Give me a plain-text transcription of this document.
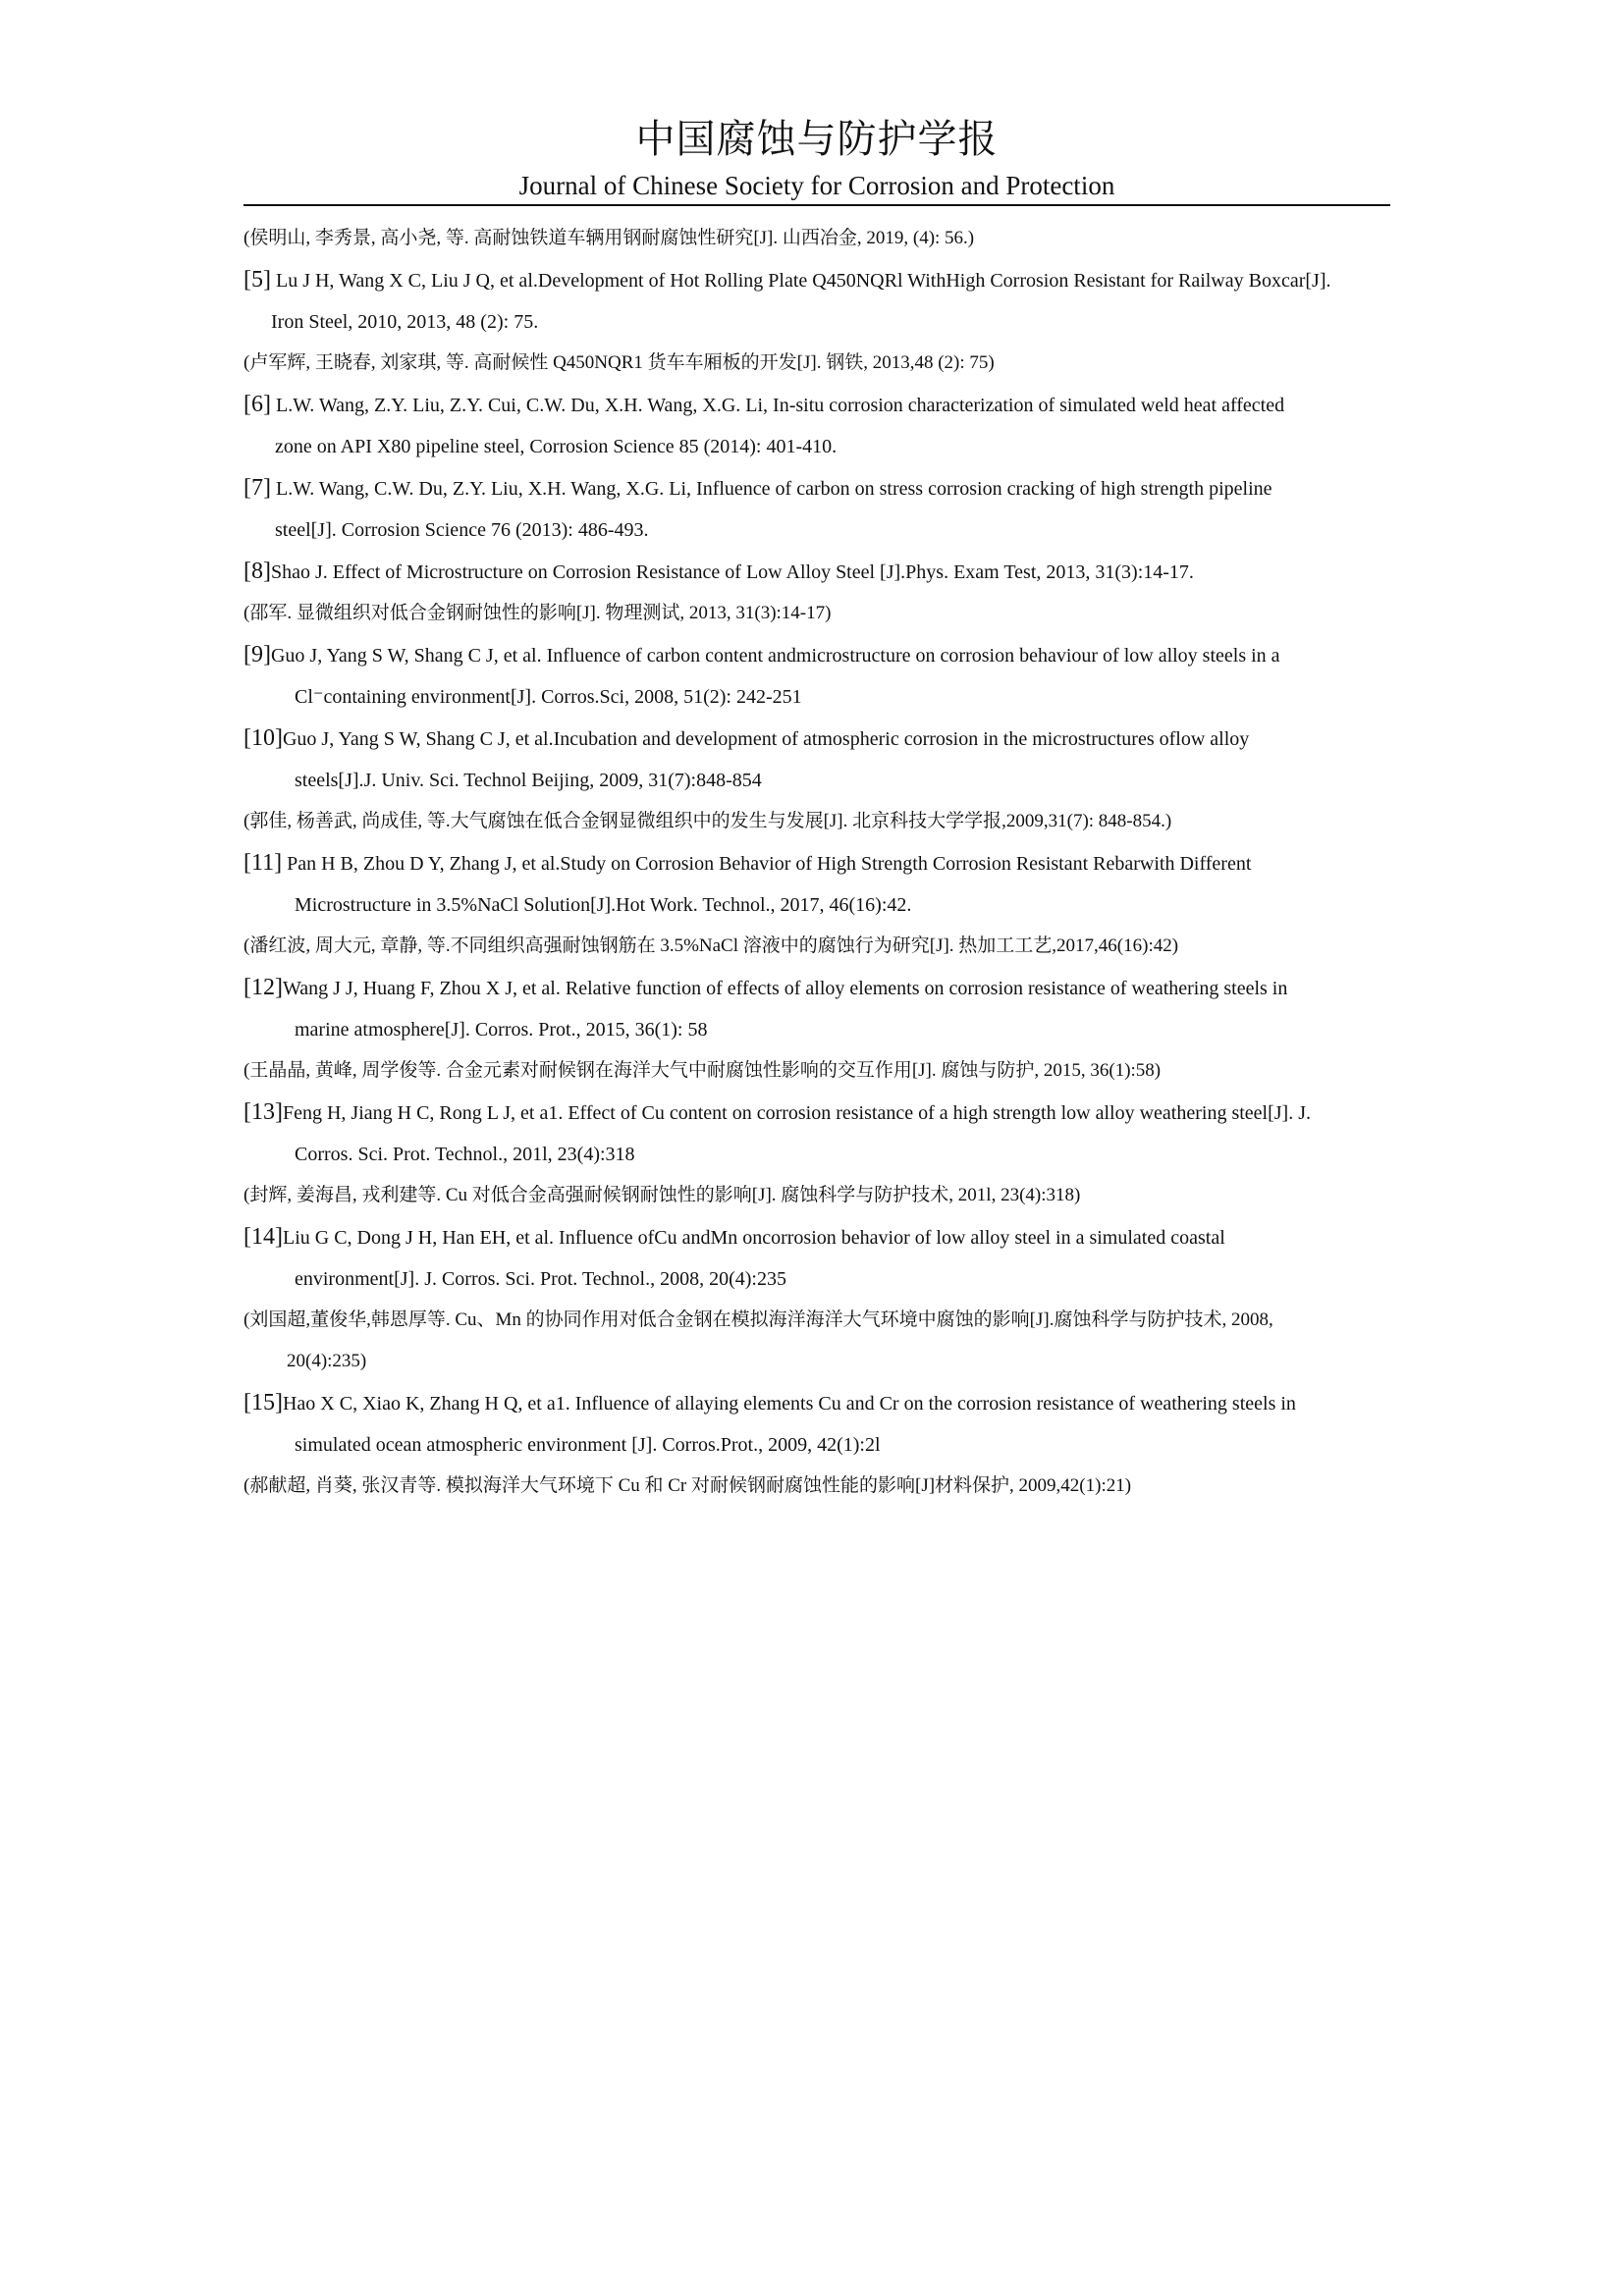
中国腐蚀与防护学报
Journal of Chinese Society for Corrosion and Protection

(侯明山, 李秀景, 高小尧, 等. 高耐蚀铁道车辆用钢耐腐蚀性研究[J]. 山西冶金, 2019, (4): 56.)

[5] Lu J H, Wang X C, Liu J Q, et al.Development of Hot Rolling Plate Q450NQRl WithHigh Corrosion Resistant for Railway Boxcar[J].
Iron Steel, 2010, 2013, 48 (2): 75.

(卢军辉, 王晓春, 刘家琪, 等. 高耐候性 Q450NQR1 货车车厢板的开发[J]. 钢铁, 2013,48 (2): 75)

[6] L.W. Wang, Z.Y. Liu, Z.Y. Cui, C.W. Du, X.H. Wang, X.G. Li, In-situ corrosion characterization of simulated weld heat affected
zone on API X80 pipeline steel, Corrosion Science 85 (2014): 401-410.

[7] L.W. Wang, C.W. Du, Z.Y. Liu, X.H. Wang, X.G. Li, Influence of carbon on stress corrosion cracking of high strength pipeline
steel[J]. Corrosion Science 76 (2013): 486-493.

[8]Shao J. Effect of Microstructure on Corrosion Resistance of Low Alloy Steel [J].Phys. Exam Test, 2013, 31(3):14-17.

(邵军. 显微组织对低合金钢耐蚀性的影响[J]. 物理测试, 2013, 31(3):14-17)

[9]Guo J, Yang S W, Shang C J, et al. Influence of carbon content andmicrostructure on corrosion behaviour of low alloy steels in a
Cl⁻containing environment[J]. Corros.Sci, 2008, 51(2): 242-251

[10]Guo J, Yang S W, Shang C J, et al.Incubation and development of atmospheric corrosion in the microstructures oflow alloy
steels[J].J. Univ. Sci. Technol Beijing, 2009, 31(7):848-854

(郭佳, 杨善武, 尚成佳, 等.大气腐蚀在低合金钢显微组织中的发生与发展[J]. 北京科技大学学报,2009,31(7): 848-854.)

[11] Pan H B, Zhou D Y, Zhang J, et al.Study on Corrosion Behavior of High Strength Corrosion Resistant Rebarwith Different
Microstructure in 3.5%NaCl Solution[J].Hot Work. Technol., 2017, 46(16):42.

(潘红波, 周大元, 章静, 等.不同组织高强耐蚀钢筋在 3.5%NaCl 溶液中的腐蚀行为研究[J]. 热加工工艺,2017,46(16):42)

[12]Wang J J, Huang F, Zhou X J, et al. Relative function of effects of alloy elements on corrosion resistance of weathering steels in
marine atmosphere[J]. Corros. Prot., 2015, 36(1): 58

(王晶晶, 黄峰, 周学俊等. 合金元素对耐候钢在海洋大气中耐腐蚀性影响的交互作用[J]. 腐蚀与防护, 2015, 36(1):58)

[13]Feng H, Jiang H C, Rong L J, et a1. Effect of Cu content on corrosion resistance of a high strength low alloy weathering steel[J]. J.
Corros. Sci. Prot. Technol., 201l, 23(4):318

(封辉, 姜海昌, 戎利建等. Cu 对低合金高强耐候钢耐蚀性的影响[J]. 腐蚀科学与防护技术, 201l, 23(4):318)

[14]Liu G C, Dong J H, Han EH, et al. Influence ofCu andMn oncorrosion behavior of low alloy steel in a simulated coastal
environment[J]. J. Corros. Sci. Prot. Technol., 2008, 20(4):235

(刘国超,董俊华,韩恩厚等. Cu、Mn 的协同作用对低合金钢在模拟海洋海洋大气环境中腐蚀的影响[J].腐蚀科学与防护技术, 2008,
20(4):235)

[15]Hao X C, Xiao K, Zhang H Q, et a1. Influence of allaying elements Cu and Cr on the corrosion resistance of weathering steels in
simulated ocean atmospheric environment [J]. Corros.Prot., 2009, 42(1):2l

(郝献超, 肖葵, 张汉青等. 模拟海洋大气环境下 Cu 和 Cr 对耐候钢耐腐蚀性能的影响[J]材料保护, 2009,42(1):21)
